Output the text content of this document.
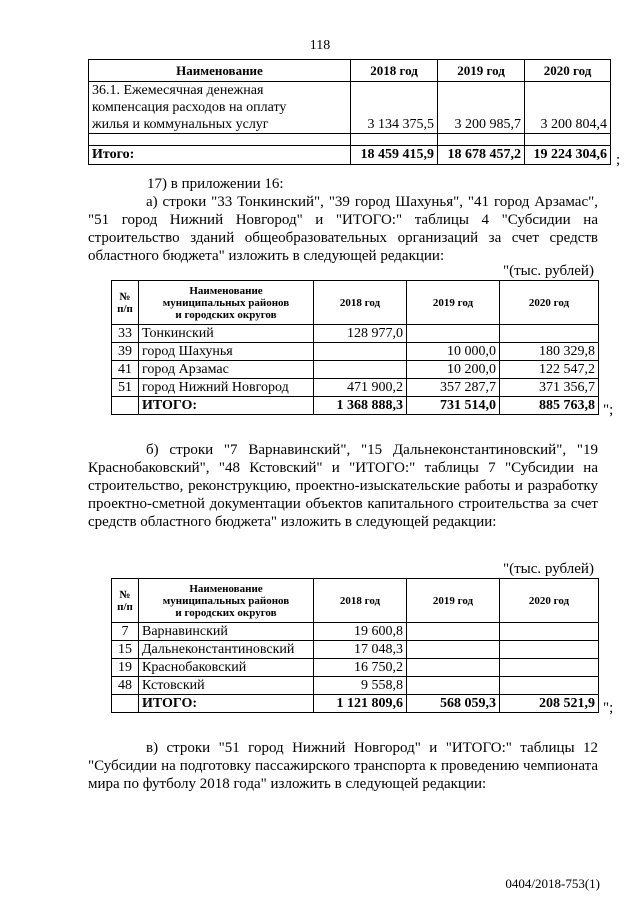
118
Наименование	2018 год	2019 год	2020 год

36.1. Ежемесячная денежная
компенсация расходов на оплату
жилья и коммунальных услуг	3 134 375,5	3 200 985,7	3 200 804,4

Итого:	18 459 415,9	18 678 457,2	19 224 304,6 ;
17) в приложении 16:
а) строки "33 Тонкинский", "39 город Шахунья", "41 город Арзамас", "51 город Нижний Новгород" и "ИТОГО:" таблицы 4 "Субсидии на строительство зданий общеобразовательных организаций за счет средств областного бюджета" изложить в следующей редакции:
"(тыс. рублей)
№
п/п	Наименование
муниципальных районов
и городских округов	2018 год	2019 год	2020 год
33	Тонкинский	128 977,0		
39	город Шахунья		10 000,0	180 329,8
41	город Арзамас		10 200,0	122 547,2
51	город Нижний Новгород	471 900,2	357 287,7	371 356,7
	ИТОГО:	1 368 888,3	731 514,0	885 763,8 ";
б) строки "7 Варнавинский", "15 Дальнеконстантиновский", "19 Краснобаковский", "48 Кстовский" и "ИТОГО:" таблицы 7 "Субсидии на строительство, реконструкцию, проектно-изыскательские работы и разработку проектно-сметной документации объектов капитального строительства за счет средств областного бюджета" изложить в следующей редакции:
"(тыс. рублей)
№
п/п	Наименование
муниципальных районов
и городских округов	2018 год	2019 год	2020 год
7	Варнавинский	19 600,8		
15	Дальнеконстантиновский	17 048,3		
19	Краснобаковский	16 750,2		
48	Кстовский	9 558,8		
	ИТОГО:	1 121 809,6	568 059,3	208 521,9 ";
в) строки "51 город Нижний Новгород" и "ИТОГО:" таблицы 12 "Субсидии на подготовку пассажирского транспорта к проведению чемпионата мира по футболу 2018 года" изложить в следующей редакции:
0404/2018-753(1)
